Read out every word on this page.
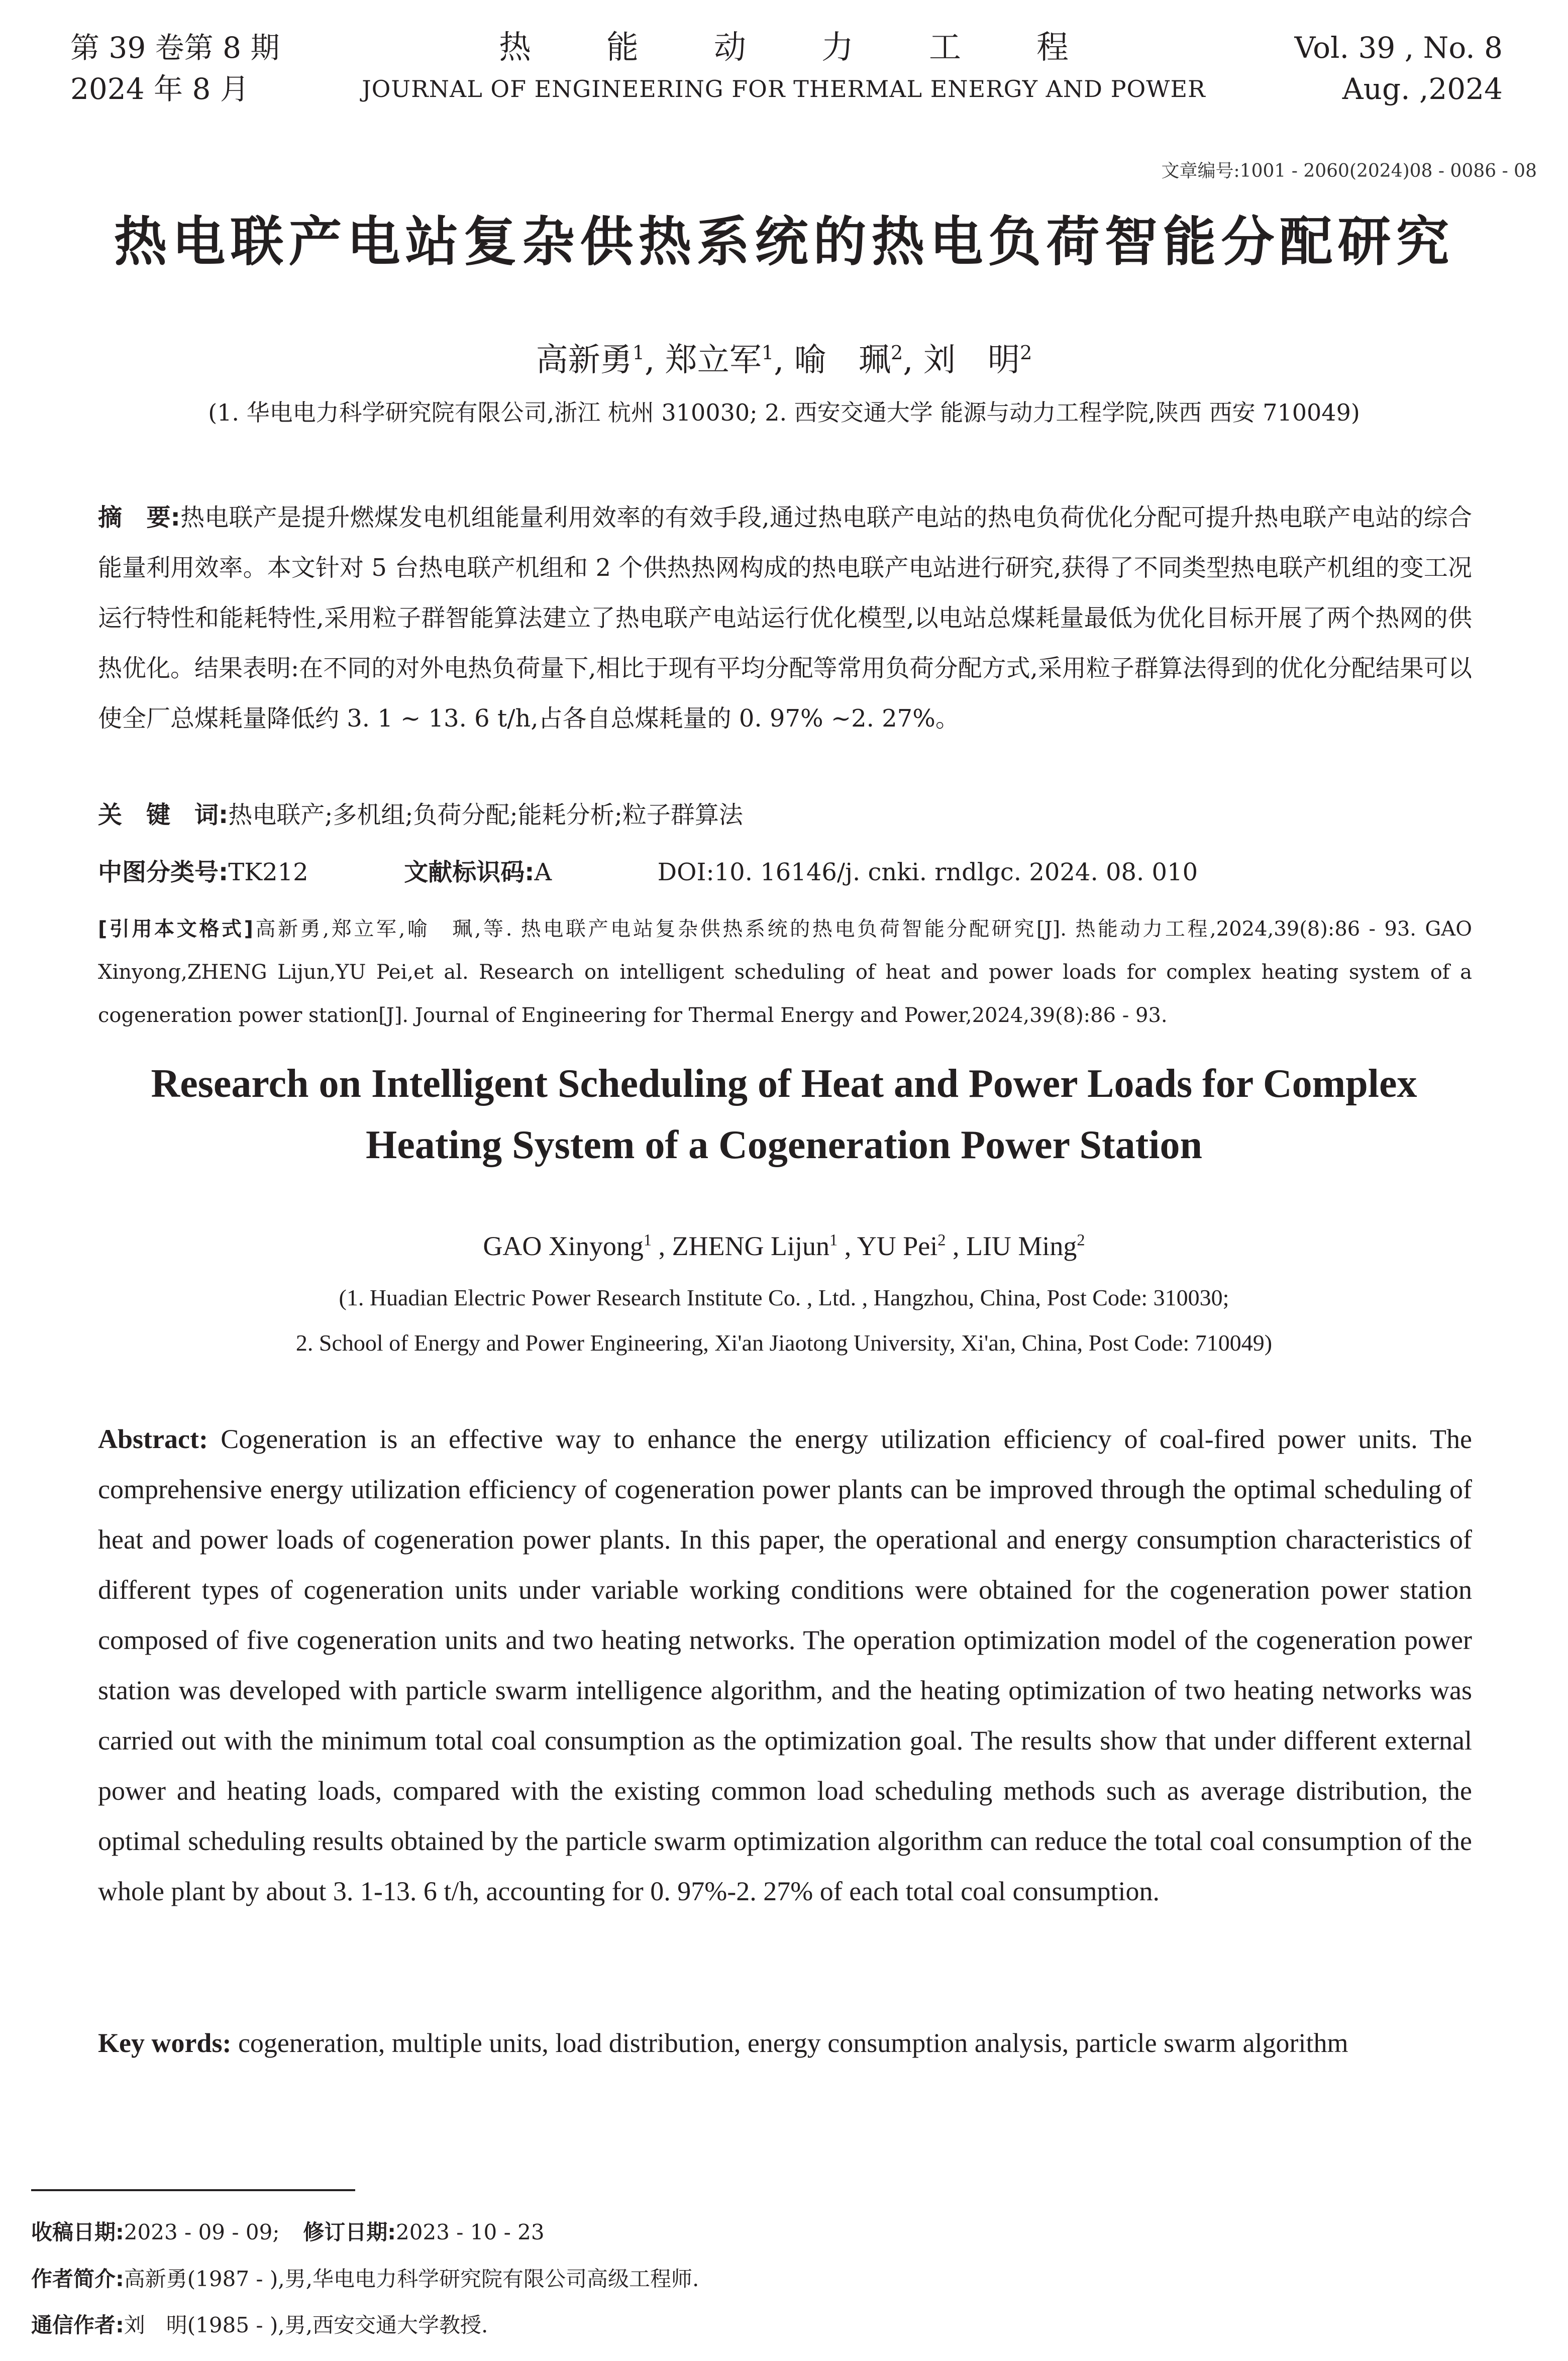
第 39 卷第 8 期
2024 年 8 月
热能动力工程
JOURNAL OF ENGINEERING FOR THERMAL ENERGY AND POWER
Vol. 39 , No. 8
Aug. ,2024
文章编号:1001 - 2060(2024)08 - 0086 - 08
热电联产电站复杂供热系统的热电负荷智能分配研究
高新勇$^1$, 郑立军$^1$, 喻　珮$^2$, 刘　明$^2$
(1. 华电电力科学研究院有限公司,浙江 杭州 310030; 2. 西安交通大学 能源与动力工程学院,陕西 西安 710049)
摘　要:热电联产是提升燃煤发电机组能量利用效率的有效手段,通过热电联产电站的热电负荷优化分配可提升热电联产电站的综合能量利用效率。本文针对 5 台热电联产机组和 2 个供热热网构成的热电联产电站进行研究,获得了不同类型热电联产机组的变工况运行特性和能耗特性,采用粒子群智能算法建立了热电联产电站运行优化模型,以电站总煤耗量最低为优化目标开展了两个热网的供热优化。结果表明:在不同的对外电热负荷量下,相比于现有平均分配等常用负荷分配方式,采用粒子群算法得到的优化分配结果可以使全厂总煤耗量降低约 3. 1 ~ 13. 6 t/h,占各自总煤耗量的 0. 97% ~2. 27%。
关　键　词:热电联产;多机组;负荷分配;能耗分析;粒子群算法
中图分类号:TK212	文献标识码:A	DOI:10. 16146/j. cnki. rndlgc. 2024. 08. 010
[引用本文格式]高新勇,郑立军,喻　珮,等. 热电联产电站复杂供热系统的热电负荷智能分配研究[J]. 热能动力工程,2024,39(8):86 - 93. GAO Xinyong,ZHENG Lijun,YU Pei,et al. Research on intelligent scheduling of heat and power loads for complex heating system of a cogeneration power station[J]. Journal of Engineering for Thermal Energy and Power,2024,39(8):86 - 93.
Research on Intelligent Scheduling of Heat and Power Loads for Complex
Heating System of a Cogeneration Power Station
GAO Xinyong$^1$ , ZHENG Lijun$^1$ , YU Pei$^2$ , LIU Ming$^2$
(1. Huadian Electric Power Research Institute Co. , Ltd. , Hangzhou, China, Post Code: 310030;
2. School of Energy and Power Engineering, Xi'an Jiaotong University, Xi'an, China, Post Code: 710049)
Abstract: Cogeneration is an effective way to enhance the energy utilization efficiency of coal-fired power units. The comprehensive energy utilization efficiency of cogeneration power plants can be improved through the optimal scheduling of heat and power loads of cogeneration power plants. In this paper, the operational and energy consumption characteristics of different types of cogeneration units under variable working conditions were obtained for the cogeneration power station composed of five cogeneration units and two heating networks. The operation optimization model of the cogeneration power station was developed with particle swarm intelligence algorithm, and the heating optimization of two heating networks was carried out with the minimum total coal consumption as the optimization goal. The results show that under different external power and heating loads, compared with the existing common load scheduling methods such as average distribution, the optimal scheduling results obtained by the particle swarm optimization algorithm can reduce the total coal consumption of the whole plant by about 3. 1-13. 6 t/h, accounting for 0. 97%-2. 27% of each total coal consumption.
Key words: cogeneration, multiple units, load distribution, energy consumption analysis, particle swarm algorithm
收稿日期:2023 - 09 - 09; 修订日期:2023 - 10 - 23
作者简介:高新勇(1987 - ),男,华电电力科学研究院有限公司高级工程师.
通信作者:刘　明(1985 - ),男,西安交通大学教授.
